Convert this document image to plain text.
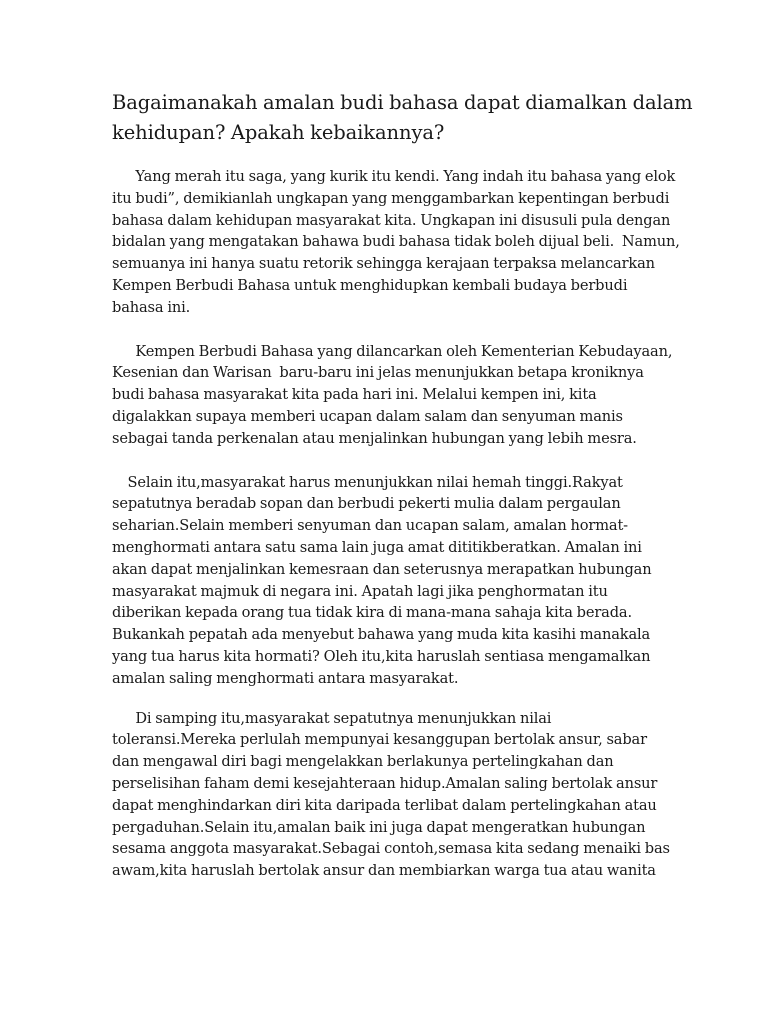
Bagaimanakah amalan budi bahasa dapat diamalkan dalam
kehidupan? Apakah kebaikannya?
Yang merah itu saga, yang kurik itu kendi. Yang indah itu bahasa yang elok
itu budi”, demikianlah ungkapan yang menggambarkan kepentingan berbudi
bahasa dalam kehidupan masyarakat kita. Ungkapan ini disusuli pula dengan
bidalan yang mengatakan bahawa budi bahasa tidak boleh dijual beli.  Namun,
semuanya ini hanya suatu retorik sehingga kerajaan terpaksa melancarkan
Kempen Berbudi Bahasa untuk menghidupkan kembali budaya berbudi
bahasa ini.
Kempen Berbudi Bahasa yang dilancarkan oleh Kementerian Kebudayaan,
Kesenian dan Warisan  baru-baru ini jelas menunjukkan betapa kroniknya
budi bahasa masyarakat kita pada hari ini. Melalui kempen ini, kita
digalakkan supaya memberi ucapan dalam salam dan senyuman manis
sebagai tanda perkenalan atau menjalinkan hubungan yang lebih mesra.
Selain itu,masyarakat harus menunjukkan nilai hemah tinggi.Rakyat
sepatutnya beradab sopan dan berbudi pekerti mulia dalam pergaulan
seharian.Selain memberi senyuman dan ucapan salam, amalan hormat-
menghormati antara satu sama lain juga amat dititikberatkan. Amalan ini
akan dapat menjalinkan kemesraan dan seterusnya merapatkan hubungan
masyarakat majmuk di negara ini. Apatah lagi jika penghormatan itu
diberikan kepada orang tua tidak kira di mana-mana sahaja kita berada.
Bukankah pepatah ada menyebut bahawa yang muda kita kasihi manakala
yang tua harus kita hormati? Oleh itu,kita haruslah sentiasa mengamalkan
amalan saling menghormati antara masyarakat.
Di samping itu,masyarakat sepatutnya menunjukkan nilai
toleransi.Mereka perlulah mempunyai kesanggupan bertolak ansur, sabar
dan mengawal diri bagi mengelakkan berlakunya pertelingkahan dan
perselisihan faham demi kesejahteraan hidup.Amalan saling bertolak ansur
dapat menghindarkan diri kita daripada terlibat dalam pertelingkahan atau
pergaduhan.Selain itu,amalan baik ini juga dapat mengeratkan hubungan
sesama anggota masyarakat.Sebagai contoh,semasa kita sedang menaiki bas
awam,kita haruslah bertolak ansur dan membiarkan warga tua atau wanita
